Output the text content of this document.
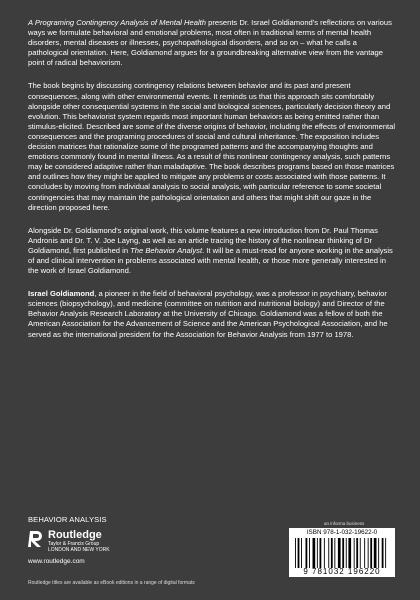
A Programing Contingency Analysis of Mental Health presents Dr. Israel Goldiamond's reflections on various ways we formulate behavioral and emotional problems, most often in traditional terms of mental health disorders, mental diseases or illnesses, psychopathological disorders, and so on – what he calls a pathological orientation. Here, Goldiamond argues for a groundbreaking alternative view from the vantage point of radical behaviorism.

The book begins by discussing contingency relations between behavior and its past and present consequences, along with other environmental events. It reminds us that this approach sits comfortably alongside other consequential systems in the social and biological sciences, particularly decision theory and evolution. This behaviorist system regards most important human behaviors as being emitted rather than stimulus-elicited. Described are some of the diverse origins of behavior, including the effects of environmental consequences and the programing procedures of social and cultural inheritance. The exposition includes decision matrices that rationalize some of the programed patterns and the accompanying thoughts and emotions commonly found in mental illness. As a result of this nonlinear contingency analysis, such patterns may be considered adaptive rather than maladaptive. The book describes programs based on those matrices and outlines how they might be applied to mitigate any problems or costs associated with those patterns. It concludes by moving from individual analysis to social analysis, with particular reference to some societal contingencies that may maintain the pathological orientation and others that might shift our gaze in the direction proposed here.

Alongside Dr. Goldiamond's original work, this volume features a new introduction from Dr. Paul Thomas Andronis and Dr. T. V. Joe Layng, as well as an article tracing the history of the nonlinear thinking of Dr Goldiamond, first published in The Behavior Analyst. It will be a must-read for anyone working in the analysis of and clinical intervention in problems associated with mental health, or those more generally interested in the work of Israel Goldiamond.

Israel Goldiamond, a pioneer in the field of behavioral psychology, was a professor in psychiatry, behavior sciences (biopsychology), and medicine (committee on nutrition and nutritional biology) and Director of the Behavior Analysis Research Laboratory at the University of Chicago. Goldiamond was a fellow of both the American Association for the Advancement of Science and the American Psychological Association, and he served as the international president for the Association for Behavior Analysis from 1977 to 1978.

BEHAVIOR ANALYSIS
Routledge
Taylor & Francis Group
LONDON AND NEW YORK
www.routledge.com
Routledge titles are available as eBook editions in a range of digital formats
an informa business
ISBN 978-1-032-19622-0
9 781032 196220
